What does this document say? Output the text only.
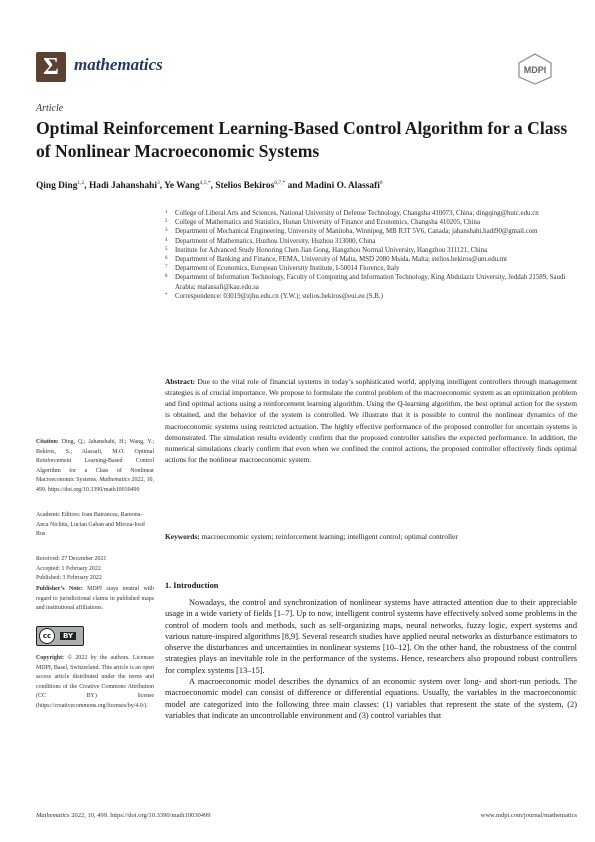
Σ mathematics	MDPI
Article
Optimal Reinforcement Learning-Based Control Algorithm for a Class of Nonlinear Macroeconomic Systems
Qing Ding$^{1,2}$, Hadi Jahanshahi$^3$, Ye Wang$^{4,5,*}$, Stelios Bekiros$^{6,7,*}$ and Madini O. Alassafi$^8$
1	College of Liberal Arts and Sciences, National University of Defense Technology, Changsha 410073, China; dingqing@hutc.edu.cn
2	College of Mathematics and Statistics, Hunan University of Finance and Economics, Changsha 410205, China
3	Department of Mechanical Engineering, University of Manitoba, Winnipeg, MB R3T 5V6, Canada; jahanshahi.hadi90@gmail.com
4	Department of Mathematics, Huzhou University, Huzhou 313000, China
5	Institute for Advanced Study Honoring Chen Jian Gong, Hangzhou Normal University, Hangzhou 311121, China
6	Department of Banking and Finance, FEMA, University of Malta, MSD 2080 Msida, Malta; stelios.bekiros@um.edu.mt
7	Department of Economics, European University Institute, I-50014 Florence, Italy
8	Department of Information Technology, Faculty of Computing and Information Technology, King Abdulaziz University, Jeddah 21589, Saudi Arabia; malassafi@kau.edu.sa
*	Correspondence: 03019@zjhu.edu.cn (Y.W.); stelios.bekiros@eui.eu (S.B.)
Abstract: Due to the vital role of financial systems in today’s sophisticated world, applying intelligent controllers through management strategies is of crucial importance. We propose to formulate the control problem of the macroeconomic system as an optimization problem and find optimal actions using a reinforcement learning algorithm. Using the Q-learning algorithm, the best optimal action for the system is obtained, and the behavior of the system is controlled. We illustrate that it is possible to control the nonlinear dynamics of the macroeconomic systems using restricted actuation. The highly effective performance of the proposed controller for uncertain systems is demonstrated. The simulation results evidently confirm that the proposed controller satisfies the expected performance. In addition, the numerical simulations clearly confirm that even when we confined the control actions, the proposed controller effectively finds optimal actions for the nonlinear macroeconomic system.
Keywords: macroeconomic system; reinforcement learning; intelligent control; optimal controller
Citation: Ding, Q.; Jahanshahi, H.; Wang, Y.; Bekiros, S.; Alassafi, M.O. Optimal Reinforcement Learning-Based Control Algorithm for a Class of Nonlinear Macroeconomic Systems. Mathematics 2022, 10, 499. https://doi.org/10.3390/math10030499
Academic Editors: Ioan Batrancea, Ramona-Anca Nichita, Lucian Gaban and Mircea-Iosif Rus
Received: 27 December 2021
Accepted: 1 February 2022
Published: 3 February 2022
Publisher’s Note: MDPI stays neutral with regard to jurisdictional claims in published maps and institutional affiliations.
cc	BY
Copyright: © 2022 by the authors. Licensee MDPI, Basel, Switzerland. This article is an open access article distributed under the terms and conditions of the Creative Commons Attribution (CC BY) license (https://creativecommons.org/licenses/by/4.0/).
1. Introduction

Nowadays, the control and synchronization of nonlinear systems have attracted attention due to their appreciable usage in a wide variety of fields [1–7]. Up to now, intelligent control systems have effectively solved some problems in the control of modern tools and methods, such as self-organizing maps, neural networks, fuzzy logic, expert systems and various nature-inspired algorithms [8,9]. Several research studies have applied neural networks as disturbance estimators to observe the disturbances and uncertainties in nonlinear systems [10–12]. On the other hand, the robustness of the control strategies plays an inevitable role in the performance of the systems. Hence, researchers also propound robust controllers for complex systems [13–15].

A macroeconomic model describes the dynamics of an economic system over long- and short-run periods. The macroeconomic model can consist of difference or differential equations. Usually, the variables in the macroeconomic model are categorized into the following three main classes: (1) variables that represent the state of the system, (2) variables that indicate an uncontrollable environment and (3) control variables that

Mathematics 2022, 10, 499. https://doi.org/10.3390/math10030499	www.mdpi.com/journal/mathematics
